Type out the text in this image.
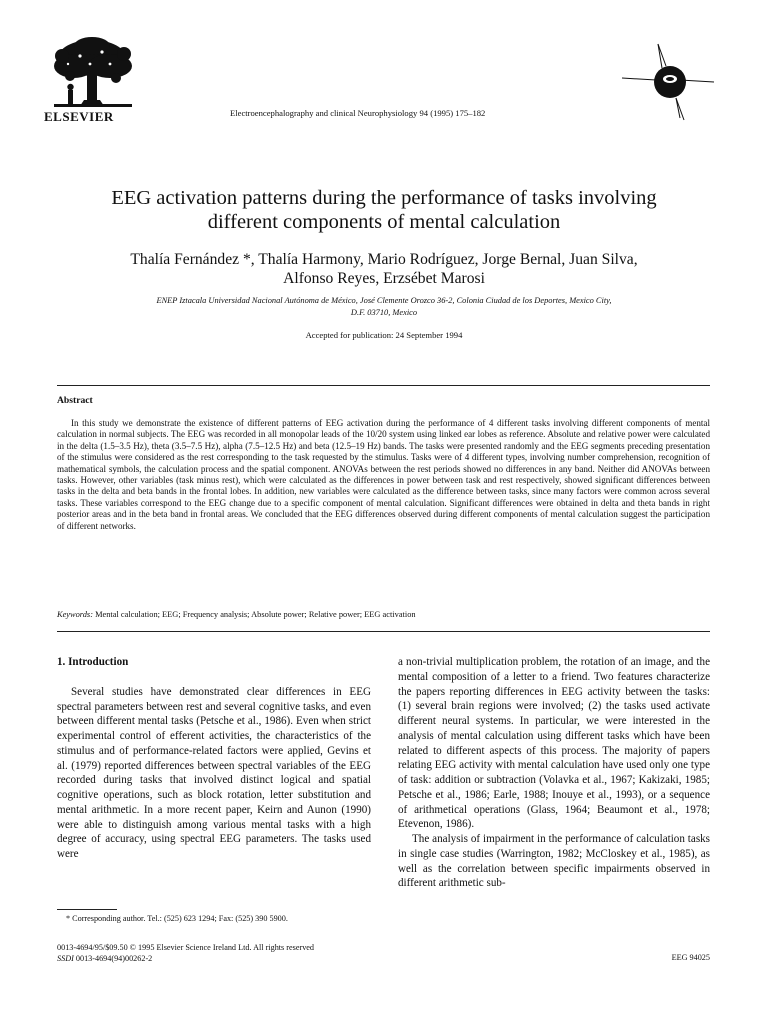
ELSEVIER	Electroencephalography and clinical Neurophysiology 94 (1995) 175–182
EEG activation patterns during the performance of tasks involving
different components of mental calculation
Thalía Fernández *, Thalía Harmony, Mario Rodríguez, Jorge Bernal, Juan Silva,
Alfonso Reyes, Erzsébet Marosi
ENEP Iztacala Universidad Nacional Autónoma de México, José Clemente Orozco 36-2, Colonia Ciudad de los Deportes, Mexico City,
D.F. 03710, Mexico
Accepted for publication: 24 September 1994
Abstract
In this study we demonstrate the existence of different patterns of EEG activation during the performance of 4 different tasks involving different components of mental calculation in normal subjects. The EEG was recorded in all monopolar leads of the 10/20 system using linked ear lobes as reference. Absolute and relative power were calculated in the delta (1.5–3.5 Hz), theta (3.5–7.5 Hz), alpha (7.5–12.5 Hz) and beta (12.5–19 Hz) bands. The tasks were presented randomly and the EEG segments preceding presentation of the stimulus were considered as the rest corresponding to the task requested by the stimulus. Tasks were of 4 different types, involving number comprehension, recognition of mathematical symbols, the calculation process and the spatial component. ANOVAs between the rest periods showed no differences in any band. Neither did ANOVAs between tasks. However, other variables (task minus rest), which were calculated as the differences in power between task and rest respectively, showed significant differences between tasks in the delta and beta bands in the frontal lobes. In addition, new variables were calculated as the difference between tasks, since many factors were common across several tasks. These variables correspond to the EEG change due to a specific component of mental calculation. Significant differences were obtained in delta and theta bands in right posterior areas and in the beta band in frontal areas. We concluded that the EEG differences observed during different components of mental calculation suggest the participation of different networks.
Keywords: Mental calculation; EEG; Frequency analysis; Absolute power; Relative power; EEG activation
1. Introduction

Several studies have demonstrated clear differences in EEG spectral parameters between rest and several cognitive tasks, and even between different mental tasks (Petsche et al., 1986). Even when strict experimental control of efferent activities, the characteristics of the stimulus and of performance-related factors were applied, Gevins et al. (1979) reported differences between spectral variables of the EEG recorded during tasks that involved distinct logical and spatial cognitive operations, such as block rotation, letter substitution and mental arithmetic. In a more recent paper, Keirn and Aunon (1990) were able to distinguish among various mental tasks with a high degree of accuracy, using spectral EEG parameters. The tasks used were

a non-trivial multiplication problem, the rotation of an image, and the mental composition of a letter to a friend. Two features characterize the papers reporting differences in EEG activity between the tasks: (1) several brain regions were involved; (2) the tasks used activate different neural systems. In particular, we were interested in the analysis of mental calculation using different tasks which have been related to different aspects of this process. The majority of papers relating EEG activity with mental calculation have used only one type of task: addition or subtraction (Volavka et al., 1967; Kakizaki, 1985; Petsche et al., 1986; Earle, 1988; Inouye et al., 1993), or a sequence of arithmetical operations (Glass, 1964; Beaumont et al., 1978; Etevenon, 1986).

The analysis of impairment in the performance of calculation tasks in single case studies (Warrington, 1982; McCloskey et al., 1985), as well as the correlation between specific impairments observed in different arithmetic sub-

* Corresponding author. Tel.: (525) 623 1294; Fax: (525) 390 5900.
0013-4694/95/$09.50 © 1995 Elsevier Science Ireland Ltd. All rights reserved
SSDI 0013-4694(94)00262-2	EEG 94025
